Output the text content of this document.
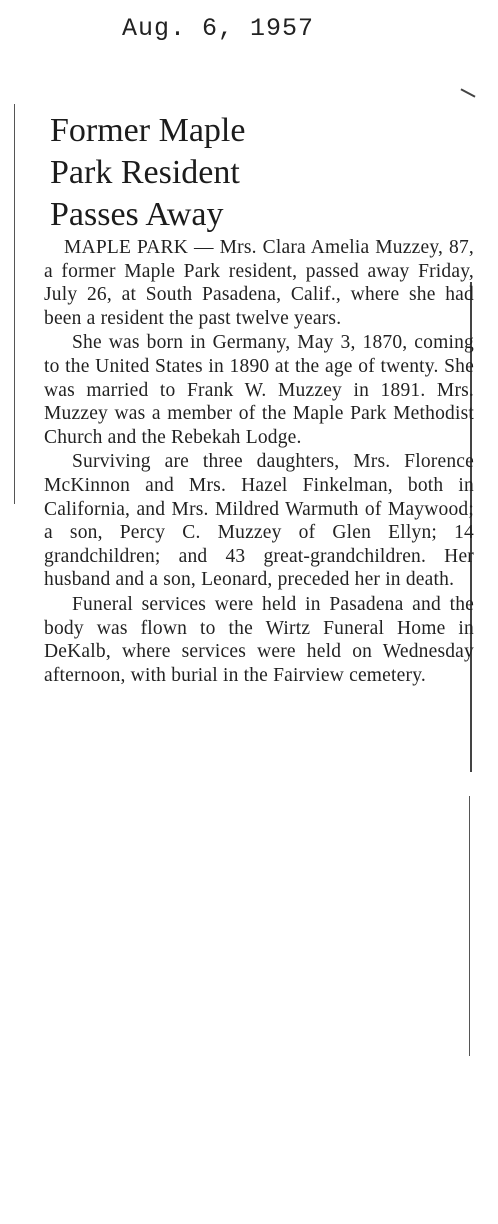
Aug. 6, 1957
Former Maple
Park Resident
Passes Away

MAPLE PARK — Mrs. Clara Amelia Muzzey, 87, a former Maple Park resident, passed away Friday, July 26, at South Pasadena, Calif., where she had been a resident the past twelve years.

She was born in Germany, May 3, 1870, coming to the United States in 1890 at the age of twenty. She was married to Frank W. Muzzey in 1891. Mrs. Muzzey was a member of the Maple Park Methodist Church and the Rebekah Lodge.

Surviving are three daughters, Mrs. Florence McKinnon and Mrs. Hazel Finkelman, both in California, and Mrs. Mildred Warmuth of Maywood; a son, Percy C. Muzzey of Glen Ellyn; 14 grandchildren; and 43 great-grandchildren. Her husband and a son, Leonard, preceded her in death.

Funeral services were held in Pasadena and the body was flown to the Wirtz Funeral Home in DeKalb, where services were held on Wednesday afternoon, with burial in the Fairview cemetery.
